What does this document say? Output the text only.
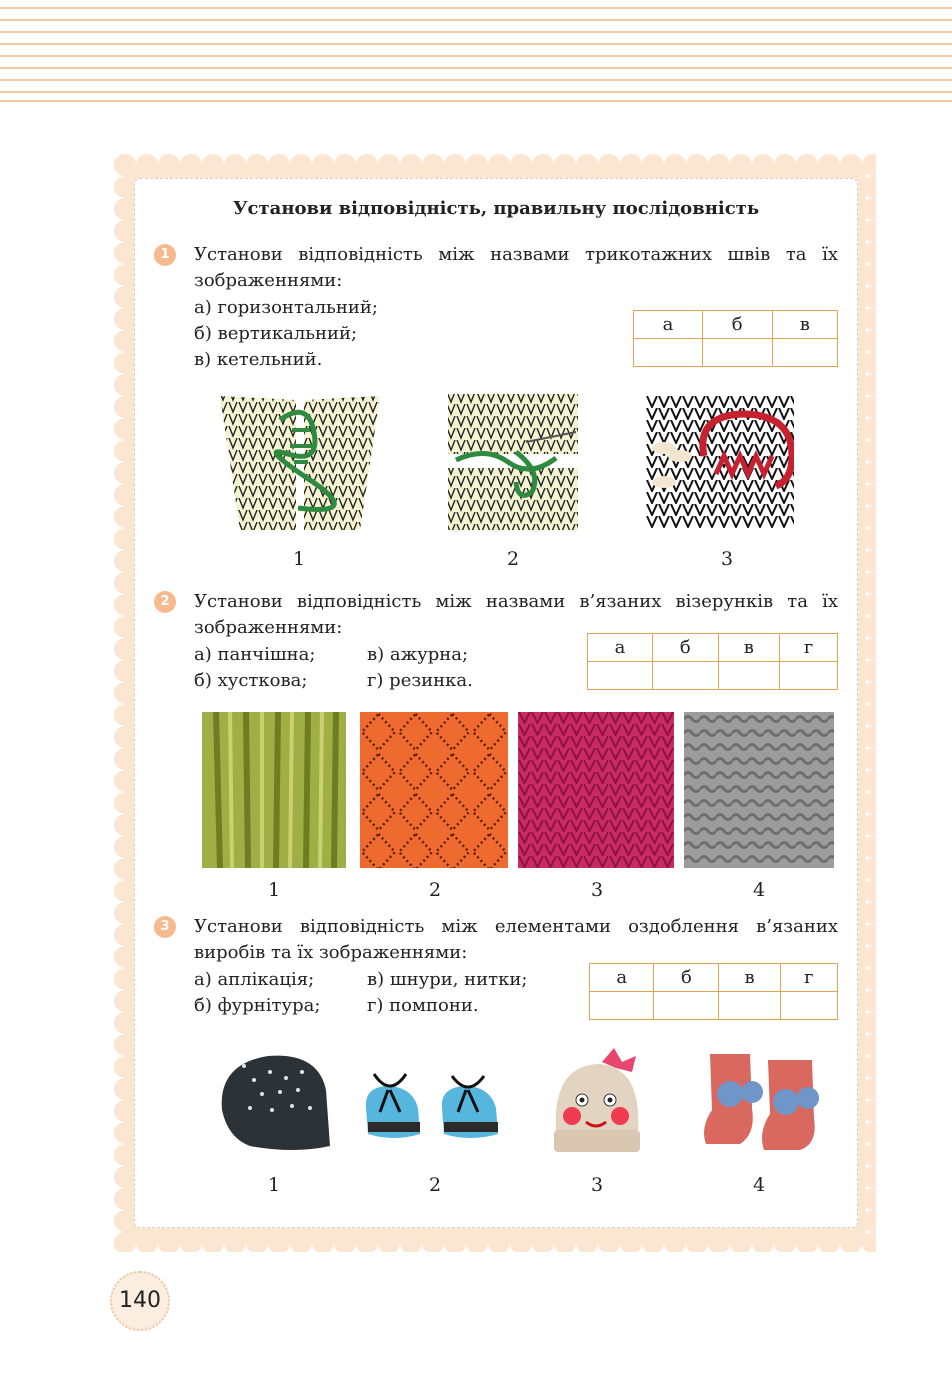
Установи відповідність, правильну послідовність
1	Установи відповідність між назвами трикотажних швів та їх зображеннями:
а) горизонтальний;
б) вертикальний;
в) кетельний.
а	б	в

1	2	3
2	Установи відповідність між назвами в’язаних візерунків та їх зображеннями:
а) панчішна;	в) ажурна;
б) хусткова;	г) резинка.
а	б	в	г

1	2	3	4
3	Установи відповідність між елементами оздоблення в’язаних виробів та їх зображеннями:
а) аплікація;	в) шнури, нитки;
б) фурнітура;	г) помпони.
а	б	в	г

1	2	3	4
140
